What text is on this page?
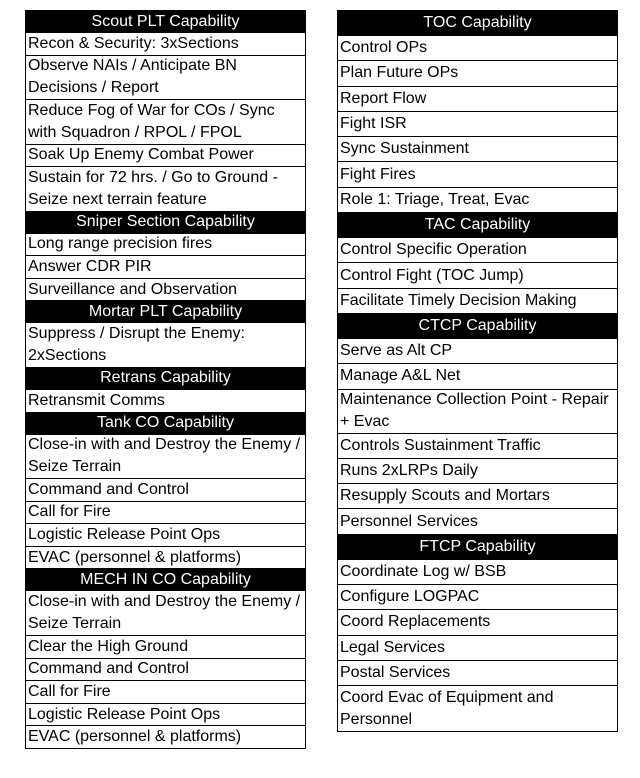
Scout PLT Capability
Recon & Security: 3xSections
Observe NAIs / Anticipate BN Decisions / Report
Reduce Fog of War for COs / Sync with Squadron / RPOL / FPOL
Soak Up Enemy Combat Power
Sustain for 72 hrs. / Go to Ground - Seize next terrain feature
Sniper Section Capability
Long range precision fires
Answer CDR PIR
Surveillance and Observation
Mortar PLT Capability
Suppress / Disrupt the Enemy: 2xSections
Retrans Capability
Retransmit Comms
Tank CO Capability
Close-in with and Destroy the Enemy / Seize Terrain
Command and Control
Call for Fire
Logistic Release Point Ops
EVAC (personnel & platforms)
MECH IN CO Capability
Close-in with and Destroy the Enemy / Seize Terrain
Clear the High Ground
Command and Control
Call for Fire
Logistic Release Point Ops
EVAC (personnel & platforms)
TOC Capability
Control OPs
Plan Future OPs
Report Flow
Fight ISR
Sync Sustainment
Fight Fires
Role 1: Triage, Treat, Evac
TAC Capability
Control Specific Operation
Control Fight (TOC Jump)
Facilitate Timely Decision Making
CTCP Capability
Serve as Alt CP
Manage A&L Net
Maintenance Collection Point - Repair + Evac
Controls Sustainment Traffic
Runs 2xLRPs Daily
Resupply Scouts and Mortars
Personnel Services
FTCP Capability
Coordinate Log w/ BSB
Configure LOGPAC
Coord Replacements
Legal Services
Postal Services
Coord Evac of Equipment and Personnel
